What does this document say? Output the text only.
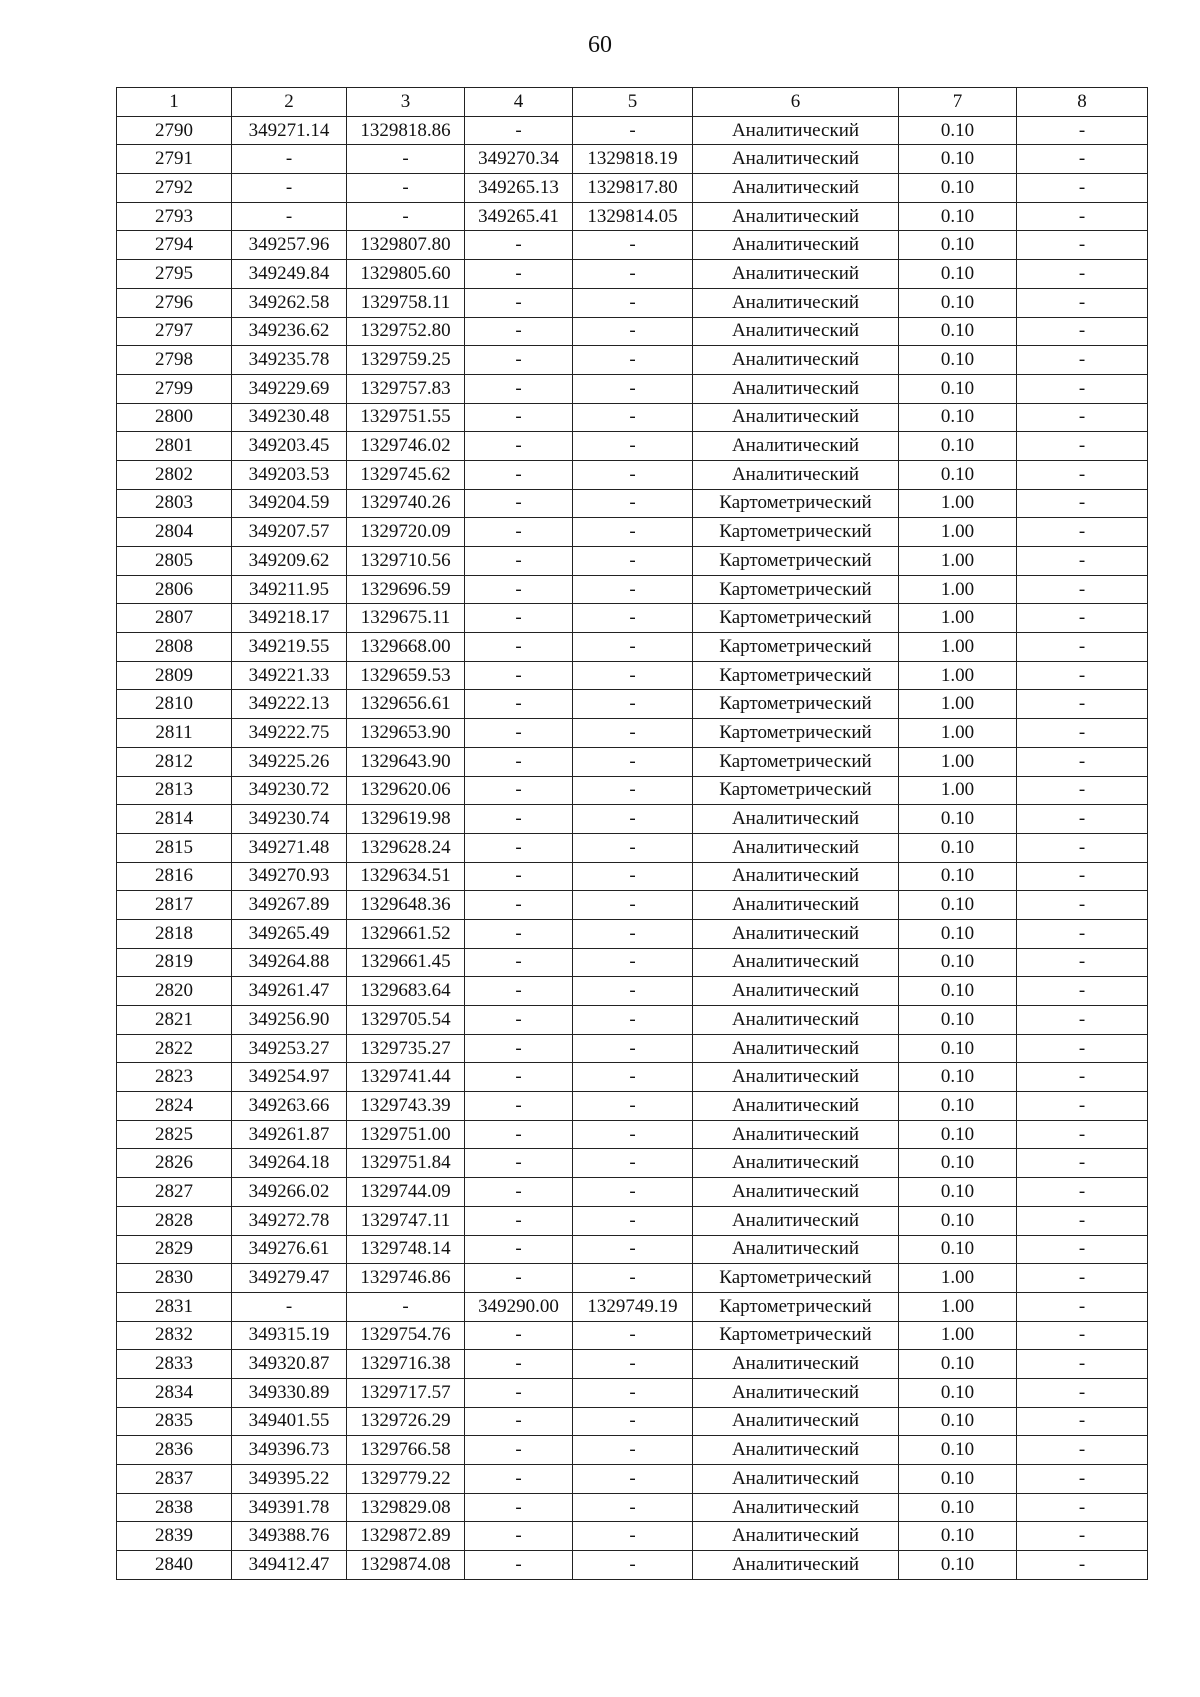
60
1	2	3	4	5	6	7	8
2790	349271.14	1329818.86	-	-	Аналитический	0.10	-
2791	-	-	349270.34	1329818.19	Аналитический	0.10	-
2792	-	-	349265.13	1329817.80	Аналитический	0.10	-
2793	-	-	349265.41	1329814.05	Аналитический	0.10	-
2794	349257.96	1329807.80	-	-	Аналитический	0.10	-
2795	349249.84	1329805.60	-	-	Аналитический	0.10	-
2796	349262.58	1329758.11	-	-	Аналитический	0.10	-
2797	349236.62	1329752.80	-	-	Аналитический	0.10	-
2798	349235.78	1329759.25	-	-	Аналитический	0.10	-
2799	349229.69	1329757.83	-	-	Аналитический	0.10	-
2800	349230.48	1329751.55	-	-	Аналитический	0.10	-
2801	349203.45	1329746.02	-	-	Аналитический	0.10	-
2802	349203.53	1329745.62	-	-	Аналитический	0.10	-
2803	349204.59	1329740.26	-	-	Картометрический	1.00	-
2804	349207.57	1329720.09	-	-	Картометрический	1.00	-
2805	349209.62	1329710.56	-	-	Картометрический	1.00	-
2806	349211.95	1329696.59	-	-	Картометрический	1.00	-
2807	349218.17	1329675.11	-	-	Картометрический	1.00	-
2808	349219.55	1329668.00	-	-	Картометрический	1.00	-
2809	349221.33	1329659.53	-	-	Картометрический	1.00	-
2810	349222.13	1329656.61	-	-	Картометрический	1.00	-
2811	349222.75	1329653.90	-	-	Картометрический	1.00	-
2812	349225.26	1329643.90	-	-	Картометрический	1.00	-
2813	349230.72	1329620.06	-	-	Картометрический	1.00	-
2814	349230.74	1329619.98	-	-	Аналитический	0.10	-
2815	349271.48	1329628.24	-	-	Аналитический	0.10	-
2816	349270.93	1329634.51	-	-	Аналитический	0.10	-
2817	349267.89	1329648.36	-	-	Аналитический	0.10	-
2818	349265.49	1329661.52	-	-	Аналитический	0.10	-
2819	349264.88	1329661.45	-	-	Аналитический	0.10	-
2820	349261.47	1329683.64	-	-	Аналитический	0.10	-
2821	349256.90	1329705.54	-	-	Аналитический	0.10	-
2822	349253.27	1329735.27	-	-	Аналитический	0.10	-
2823	349254.97	1329741.44	-	-	Аналитический	0.10	-
2824	349263.66	1329743.39	-	-	Аналитический	0.10	-
2825	349261.87	1329751.00	-	-	Аналитический	0.10	-
2826	349264.18	1329751.84	-	-	Аналитический	0.10	-
2827	349266.02	1329744.09	-	-	Аналитический	0.10	-
2828	349272.78	1329747.11	-	-	Аналитический	0.10	-
2829	349276.61	1329748.14	-	-	Аналитический	0.10	-
2830	349279.47	1329746.86	-	-	Картометрический	1.00	-
2831	-	-	349290.00	1329749.19	Картометрический	1.00	-
2832	349315.19	1329754.76	-	-	Картометрический	1.00	-
2833	349320.87	1329716.38	-	-	Аналитический	0.10	-
2834	349330.89	1329717.57	-	-	Аналитический	0.10	-
2835	349401.55	1329726.29	-	-	Аналитический	0.10	-
2836	349396.73	1329766.58	-	-	Аналитический	0.10	-
2837	349395.22	1329779.22	-	-	Аналитический	0.10	-
2838	349391.78	1329829.08	-	-	Аналитический	0.10	-
2839	349388.76	1329872.89	-	-	Аналитический	0.10	-
2840	349412.47	1329874.08	-	-	Аналитический	0.10	-
